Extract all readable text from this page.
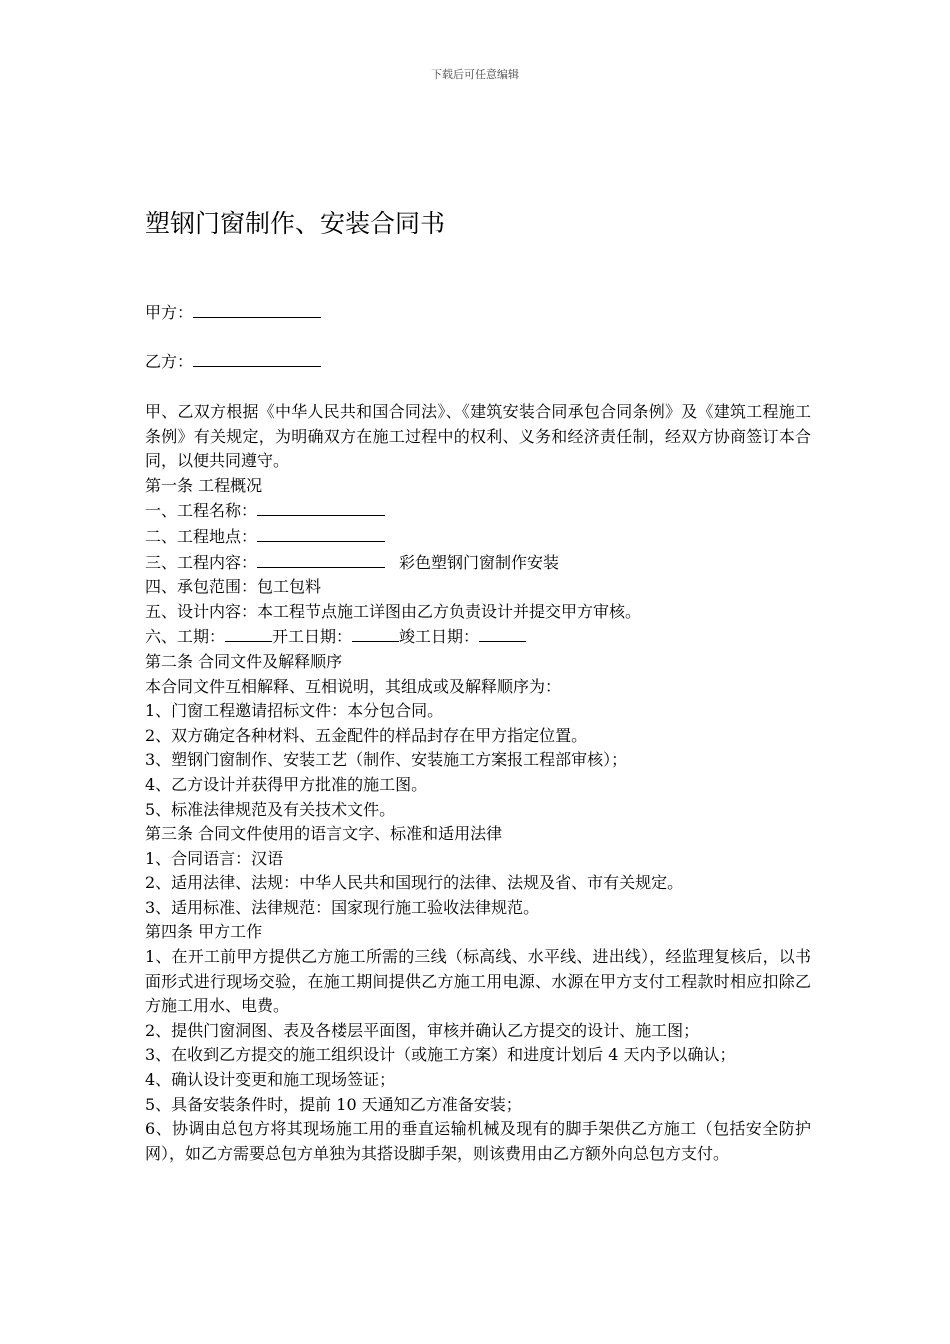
下载后可任意编辑
塑钢门窗制作、安装合同书
甲方：
乙方：

甲、乙双方根据《中华人民共和国合同法》、《建筑安装合同承包合同条例》及《建筑工程施工条例》有关规定，为明确双方在施工过程中的权利、义务和经济责任制，经双方协商签订本合同，以便共同遵守。

第一条 工程概况

一、工程名称：

二、工程地点：

三、工程内容：	彩色塑钢门窗制作安装

四、承包范围：包工包料

五、设计内容：本工程节点施工详图由乙方负责设计并提交甲方审核。

六、工期：	开工日期：	竣工日期：

第二条 合同文件及解释顺序

本合同文件互相解释、互相说明，其组成或及解释顺序为：

1、门窗工程邀请招标文件：本分包合同。

2、双方确定各种材料、五金配件的样品封存在甲方指定位置。

3、塑钢门窗制作、安装工艺（制作、安装施工方案报工程部审核）；

4、乙方设计并获得甲方批准的施工图。

5、标准法律规范及有关技术文件。

第三条 合同文件使用的语言文字、标准和适用法律

1、合同语言：汉语

2、适用法律、法规：中华人民共和国现行的法律、法规及省、市有关规定。

3、适用标准、法律规范：国家现行施工验收法律规范。

第四条 甲方工作

1、在开工前甲方提供乙方施工所需的三线（标高线、水平线、进出线），经监理复核后，以书面形式进行现场交验，在施工期间提供乙方施工用电源、水源在甲方支付工程款时相应扣除乙方施工用水、电费。

2、提供门窗洞图、表及各楼层平面图，审核并确认乙方提交的设计、施工图；

3、在收到乙方提交的施工组织设计（或施工方案）和进度计划后 4 天内予以确认；

4、确认设计变更和施工现场签证；

5、具备安装条件时，提前 10 天通知乙方准备安装；

6、协调由总包方将其现场施工用的垂直运输机械及现有的脚手架供乙方施工（包括安全防护网），如乙方需要总包方单独为其搭设脚手架，则该费用由乙方额外向总包方支付。
